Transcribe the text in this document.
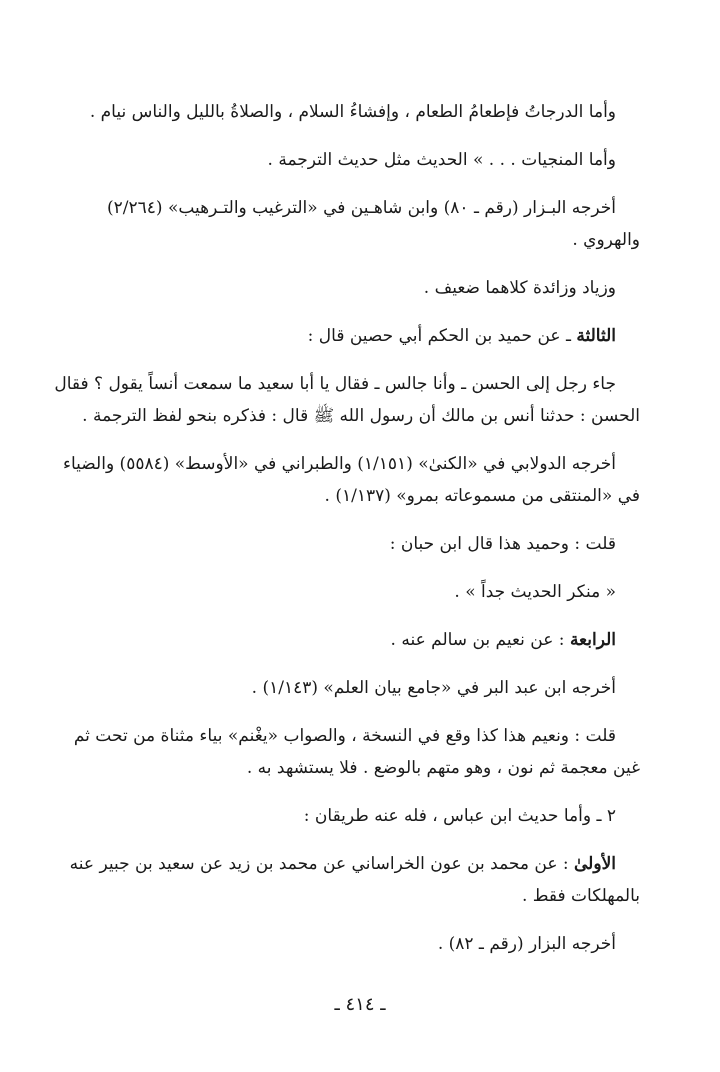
وأما الدرجاتُ فإطعامُ الطعام ، وإفشاءُ السلام ، والصلاةُ بالليل والناس نيام .

وأما المنجيات . . . » الحديث مثل حديث الترجمة .

أخرجه البـزار (رقم ـ ٨٠) وابن شاهـين في «الترغيب والتـرهيب» (٢/٢٦٤)
والهروي .

وزياد وزائدة كلاهما ضعيف .

الثالثة ـ عن حميد بن الحكم أبي حصين قال :

جاء رجل إلى الحسن ـ وأنا جالس ـ فقال يا أبا سعيد ما سمعت أنساً يقول ؟ فقال
الحسن : حدثنا أنس بن مالك أن رسول الله ﷺ قال : فذكره بنحو لفظ الترجمة .

أخرجه الدولابي في «الكنىٰ» (١/١٥١) والطبراني في «الأوسط» (٥٥٨٤) والضياء
في «المنتقى من مسموعاته بمرو» (١/١٣٧) .

قلت : وحميد هذا قال ابن حبان :

« منكر الحديث جداً » .

الرابعة : عن نعيم بن سالم عنه .

أخرجه ابن عبد البر في «جامع بيان العلم» (١/١٤٣) .

قلت : ونعيم هذا كذا وقع في النسخة ، والصواب «يغْنم» بياء مثناة من تحت ثم
غين معجمة ثم نون ، وهو متهم بالوضع . فلا يستشهد به .

٢ ـ وأما حديث ابن عباس ، فله عنه طريقان :

الأولىٰ : عن محمد بن عون الخراساني عن محمد بن زيد عن سعيد بن جبير عنه
بالمهلكات فقط .

أخرجه البزار (رقم ـ ٨٢) .

ـ ٤١٤ ـ
